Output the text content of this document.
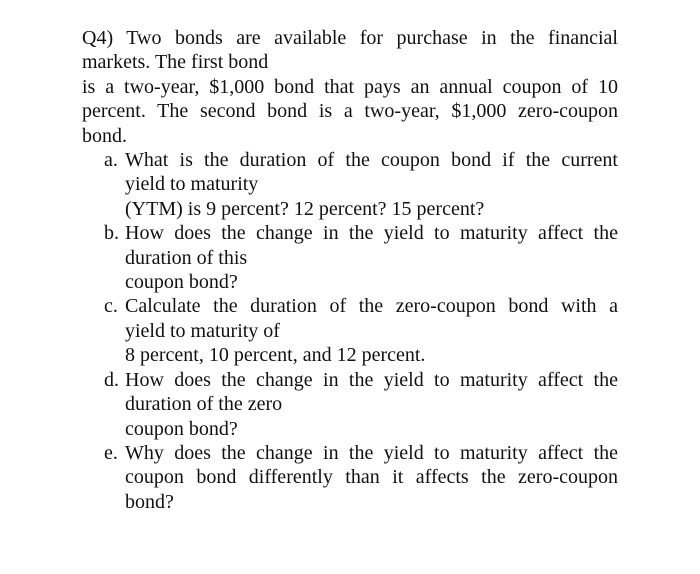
Q4) Two bonds are available for purchase in the financial
markets. The first bond
is a two-year, $1,000 bond that pays an annual coupon of 10
percent. The second bond is a two-year, $1,000 zero-coupon
bond.
a. What is the duration of the coupon bond if the current
yield to maturity
(YTM) is 9 percent? 12 percent? 15 percent?
b. How does the change in the yield to maturity affect the
duration of this
coupon bond?
c. Calculate the duration of the zero-coupon bond with a
yield to maturity of
8 percent, 10 percent, and 12 percent.
d. How does the change in the yield to maturity affect the
duration of the zero
coupon bond?
e. Why does the change in the yield to maturity affect the
coupon bond differently than it affects the zero-coupon
bond?
